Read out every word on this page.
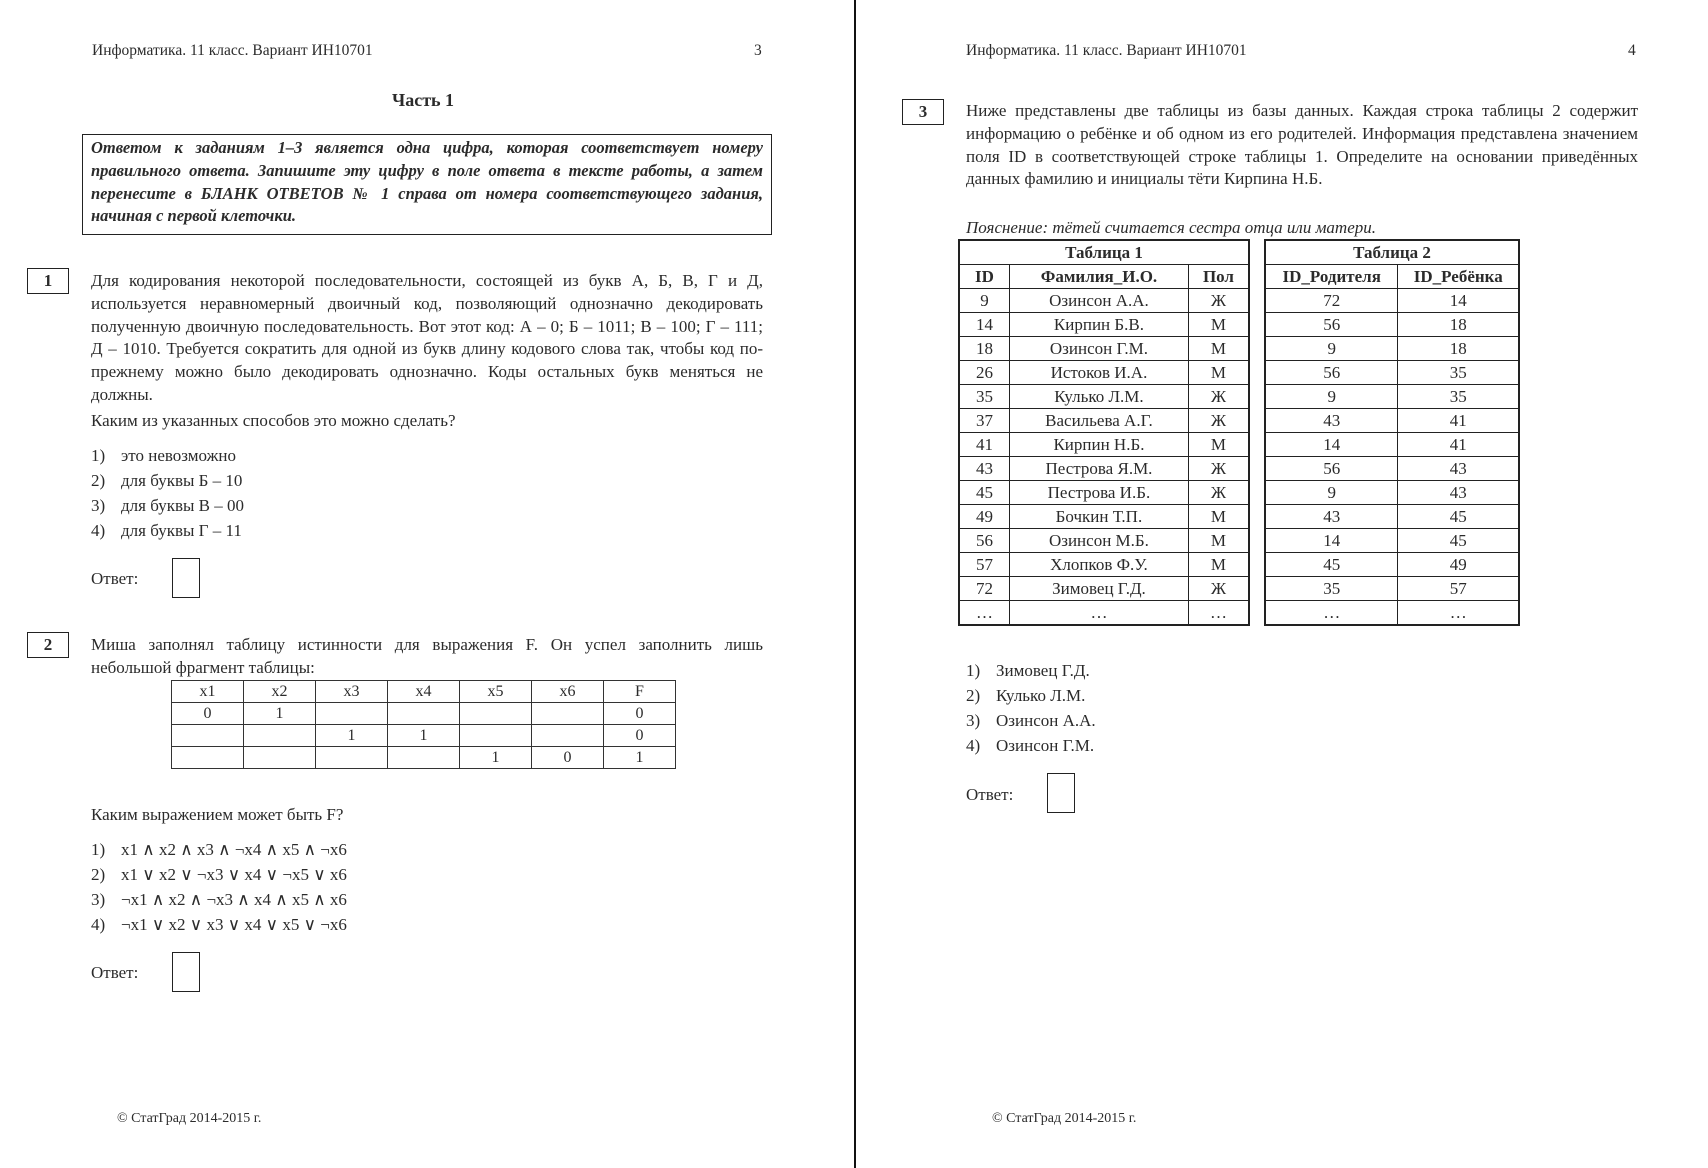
Информатика. 11 класс. Вариант ИН10701	3
Часть 1
Ответом к заданиям 1–3 является одна цифра, которая соответствует номеру правильного ответа. Запишите эту цифру в поле ответа в тексте работы, а затем перенесите в БЛАНК ОТВЕТОВ № 1 справа от номера соответствующего задания, начиная с первой клеточки.
1	Для кодирования некоторой последовательности, состоящей из букв А, Б, В, Г и Д, используется неравномерный двоичный код, позволяющий однозначно декодировать полученную двоичную последовательность. Вот этот код: А – 0; Б – 1011; В – 100; Г – 111; Д – 1010. Требуется сократить для одной из букв длину кодового слова так, чтобы код по-прежнему можно было декодировать однозначно. Коды остальных букв меняться не должны.
Каким из указанных способов это можно сделать?
1) это невозможно
2) для буквы Б – 10
3) для буквы В – 00
4) для буквы Г – 11
Ответ:
2	Миша заполнял таблицу истинности для выражения F. Он успел заполнить лишь небольшой фрагмент таблицы:
x1	x2	x3	x4	x5	x6	F
0	1					0
		1	1			0
				1	0	1
Каким выражением может быть F?
1) x1 ∧ x2 ∧ x3 ∧ ¬x4 ∧ x5 ∧ ¬x6
2) x1 ∨ x2 ∨ ¬x3 ∨ x4 ∨ ¬x5 ∨ x6
3) ¬x1 ∧ x2 ∧ ¬x3 ∧ x4 ∧ x5 ∧ x6
4) ¬x1 ∨ x2 ∨ x3 ∨ x4 ∨ x5 ∨ ¬x6
Ответ:
© СтатГрад 2014-2015 г.
Информатика. 11 класс. Вариант ИН10701	4
3	Ниже представлены две таблицы из базы данных. Каждая строка таблицы 2 содержит информацию о ребёнке и об одном из его родителей. Информация представлена значением поля ID в соответствующей строке таблицы 1. Определите на основании приведённых данных фамилию и инициалы тёти Кирпина Н.Б.
Пояснение: тётей считается сестра отца или матери.
Таблица 1		
ID	Фамилия_И.О.	Пол
9	Озинсон А.А.	Ж
14	Кирпин Б.В.	М
18	Озинсон Г.М.	М
26	Истоков И.А.	М
35	Кулько Л.М.	Ж
37	Васильева А.Г.	Ж
41	Кирпин Н.Б.	М
43	Пестрова Я.М.	Ж
45	Пестрова И.Б.	Ж
49	Бочкин Т.П.	М
56	Озинсон М.Б.	М
57	Хлопков Ф.У.	М
72	Зимовец Г.Д.	Ж
…	…	…
Таблица 2	
ID_Родителя	ID_Ребёнка
72	14
56	18
9	18
56	35
9	35
43	41
14	41
56	43
9	43
43	45
14	45
45	49
35	57
…	…
1) Зимовец Г.Д.
2) Кулько Л.М.
3) Озинсон А.А.
4) Озинсон Г.М.
Ответ:
© СтатГрад 2014-2015 г.
